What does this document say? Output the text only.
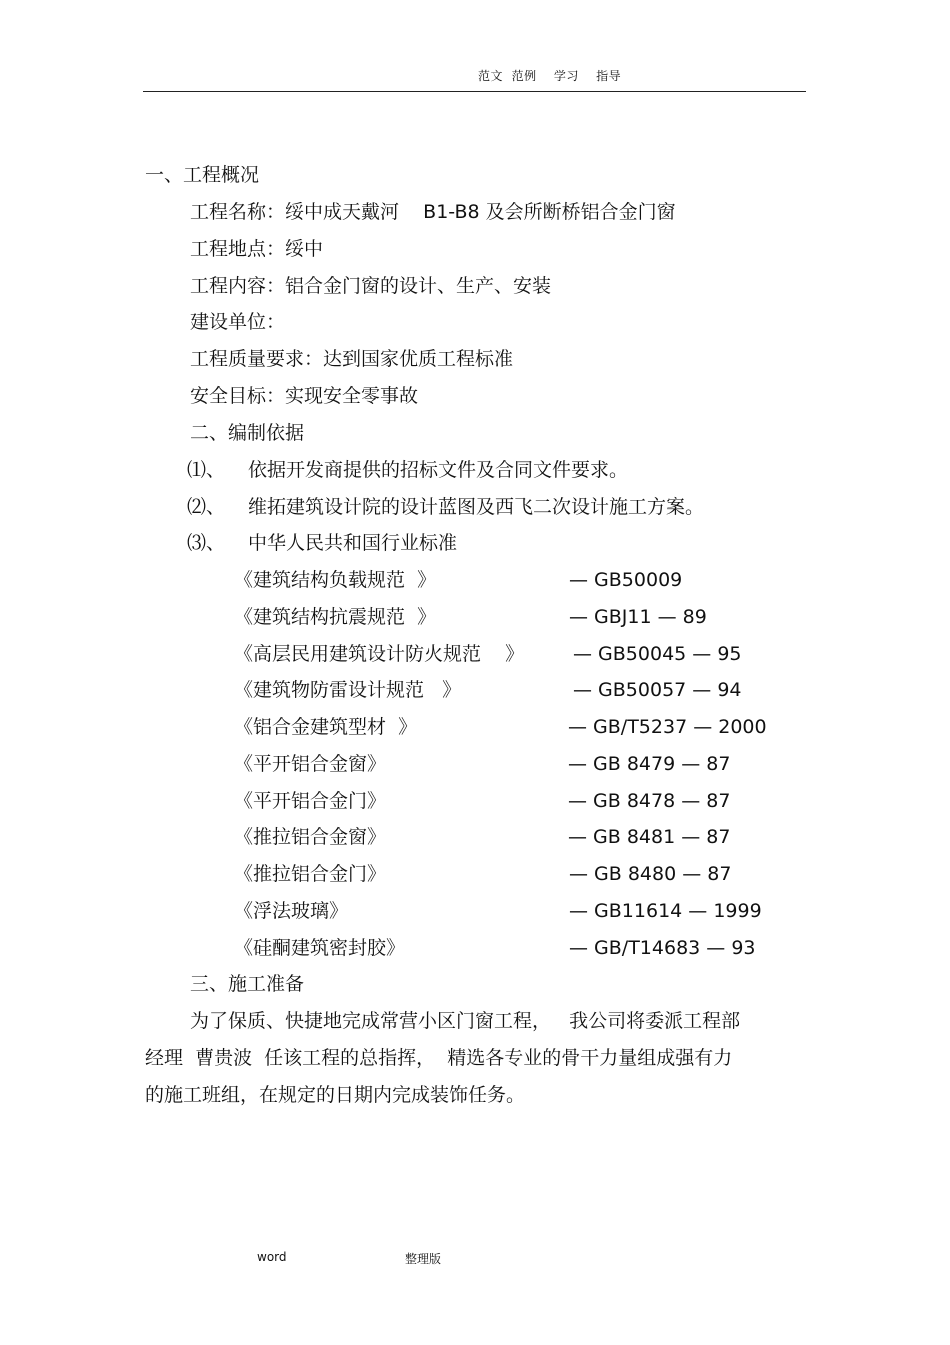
范文  范例    学习    指导
一、工程概况
工程名称：绥中成天戴河    B1-B8 及会所断桥铝合金门窗
工程地点：绥中
工程内容：铝合金门窗的设计、生产、安装
建设单位：
工程质量要求：达到国家优质工程标准
安全目标：实现安全零事故
二、编制依据
⑴、 依据开发商提供的招标文件及合同文件要求。
⑵、 维拓建筑设计院的设计蓝图及西飞二次设计施工方案。
⑶、 中华人民共和国行业标准
《建筑结构负载规范  》	— GB50009
《建筑结构抗震规范  》	— GBJ11 — 89
《高层民用建筑设计防火规范    》	— GB50045 — 95
《建筑物防雷设计规范   》	— GB50057 — 94
《铝合金建筑型材  》	— GB/T5237 — 2000
《平开铝合金窗》	— GB 8479 — 87
《平开铝合金门》	— GB 8478 — 87
《推拉铝合金窗》	— GB 8481 — 87
《推拉铝合金门》	— GB 8480 — 87
《浮法玻璃》	— GB11614 — 1999
《硅酮建筑密封胶》	— GB/T14683 — 93
三、施工准备
为了保质、快捷地完成常营小区门窗工程，   我公司将委派工程部
经理  曹贵波  任该工程的总指挥，  精选各专业的骨干力量组成强有力
的施工班组，在规定的日期内完成装饰任务。
word	整理版
